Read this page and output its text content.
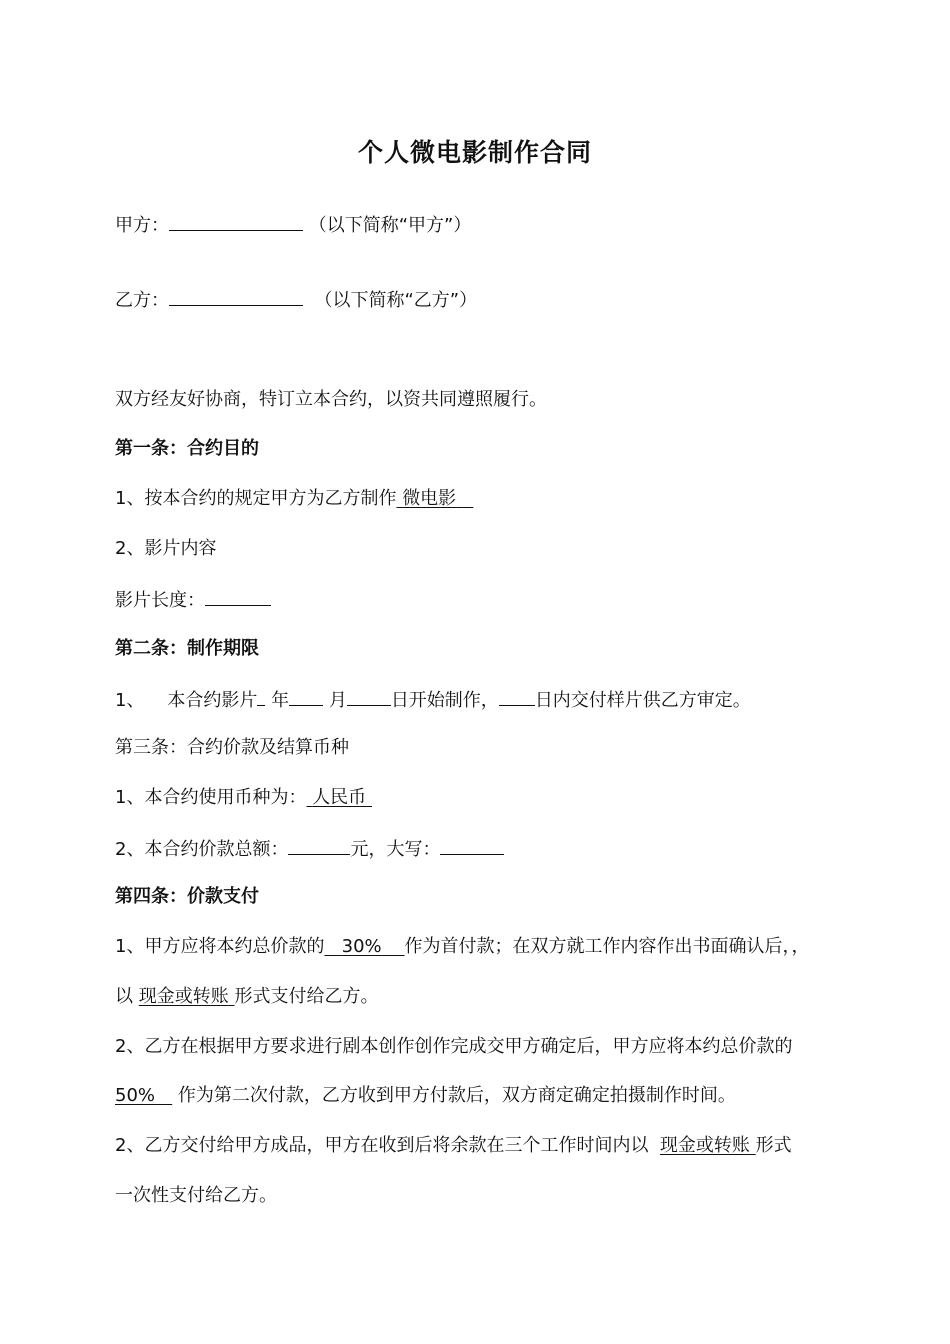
个人微电影制作合同
甲方：	（以下简称“甲方”）
乙方：	（以下简称“乙方”）
双方经友好协商，特订立本合约，以资共同遵照履行。
第一条：合约目的
1、按本合约的规定甲方为乙方制作 微电影
2、影片内容
影片长度：
第二条：制作期限
1、 本合约影片 年 月 日开始制作， 日内交付样片供乙方审定。
第三条：合约价款及结算币种
1、本合约使用币种为： 人民币
2、本合约价款总额：	元，大写：
第四条：价款支付
1、甲方应将本约总价款的 30% 作为首付款；在双方就工作内容作出书面确认后，，
以 现金或转账 形式支付给乙方。
2、乙方在根据甲方要求进行剧本创作创作完成交甲方确定后，甲方应将本约总价款的
50% 作为第二次付款，乙方收到甲方付款后，双方商定确定拍摄制作时间。
2、乙方交付给甲方成品，甲方在收到后将余款在三个工作时间内以 现金或转账 形式
一次性支付给乙方。
